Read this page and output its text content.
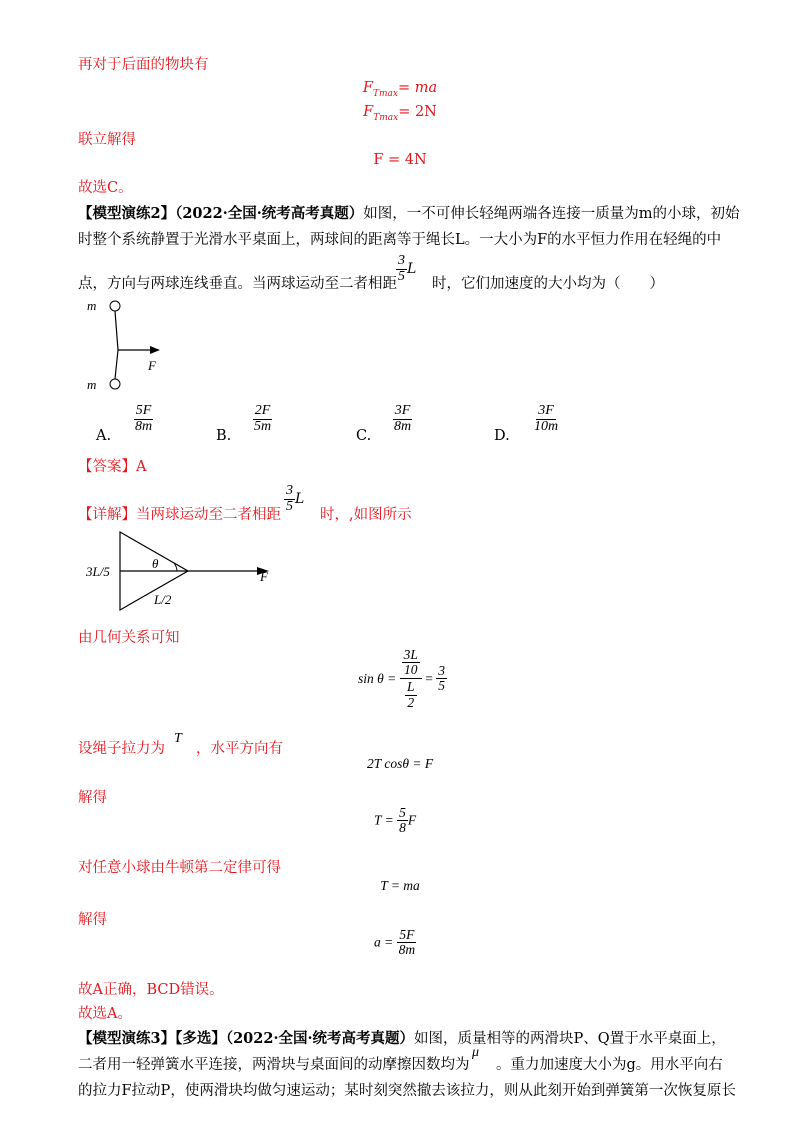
再对于后面的物块有
$F_{Tmax}=$ ma
$F_{Tmax}= 2N$
联立解得
F = 4N
故选C。
【模型演练2】（2022·全国·统考高考真题）如图，一不可伸长轻绳两端各连接一质量为m的小球，初始
时整个系统静置于光滑水平桌面上，两球间的距离等于绳长L。一大小为F的水平恒力作用在轻绳的中
点，方向与两球连线垂直。当两球运动至二者相距 $\frac{3}{5}$ L
时，它们加速度的大小均为（　　）
m
m
F
A.
$\frac{5F}{8m}$
B.
$\frac{2F}{5m}$
C.
$\frac{3F}{8m}$
D.
$\frac{3F}{10m}$
【答案】A
【详解】当两球运动至二者相距
$\frac{3}{5}$ L
时，,如图所示
3L/5
θ
L/2
F
由几何关系可知
$\sin \theta = \frac{\frac{3L}{10}}{\frac{L}{2}} = \frac{3}{5}$
设绳子拉力为
T
，水平方向有
2T cosθ = F
解得
$T = \frac{5}{8}$ F
对任意小球由牛顿第二定律可得
T = ma
解得
$a = \frac{5F}{8m}$
故A正确，BCD错误。
故选A。
【模型演练3】【多选】（2022·全国·统考高考真题）如图，质量相等的两滑块P、Q置于水平桌面上，
二者用一轻弹簧水平连接，两滑块与桌面间的动摩擦因数均为
μ
。重力加速度大小为g。用水平向右
的拉力F拉动P，使两滑块均做匀速运动；某时刻突然撤去该拉力，则从此刻开始到弹簧第一次恢复原长
